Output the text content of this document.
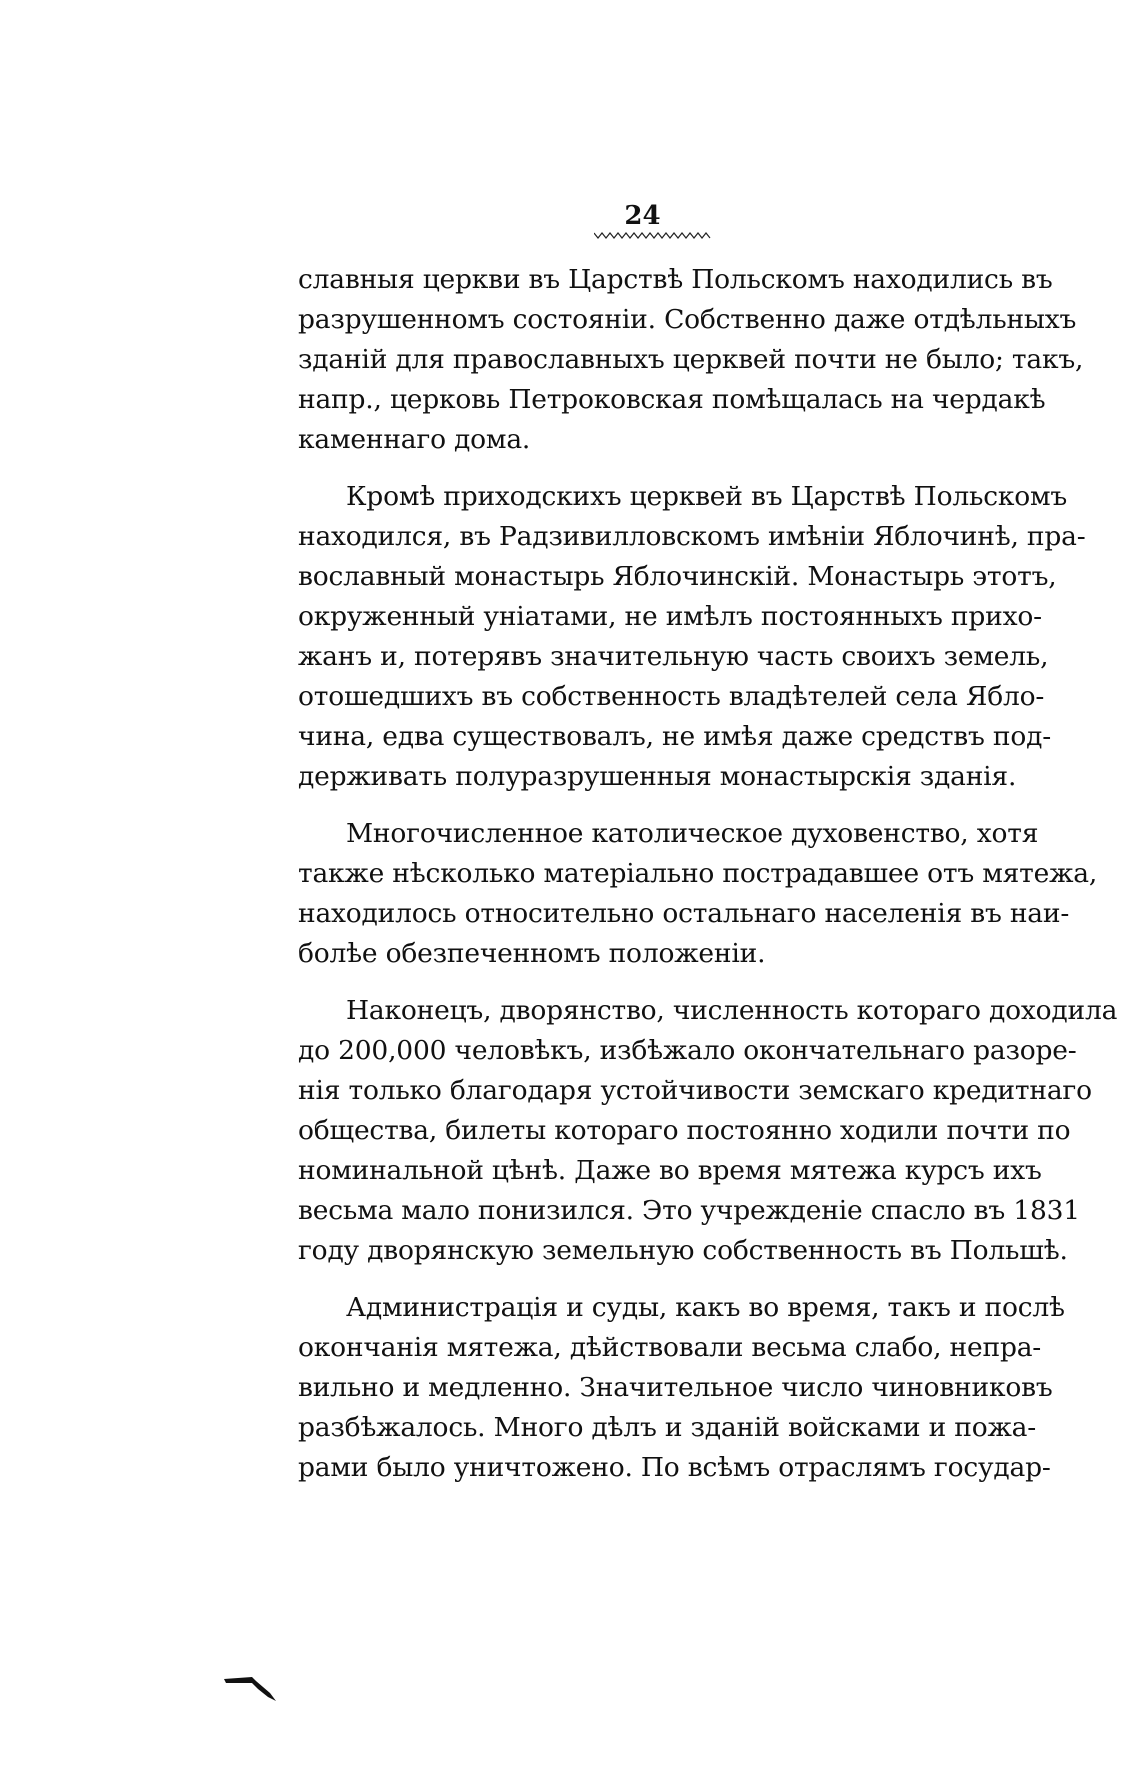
24
славныя церкви въ Царствѣ Польскомъ находились въ
разрушенномъ состоянiи. Собственно даже отдѣльныхъ
зданiй для православныхъ церквей почти не было; такъ,
напр., церковь Петроковская помѣщалась на чердакѣ
каменнаго дома.
Кромѣ приходскихъ церквей въ Царствѣ Польскомъ
находился, въ Радзивилловскомъ имѣнiи Яблочинѣ, пра-
вославный монастырь Яблочинскiй. Монастырь этотъ,
окруженный унiатами, не имѣлъ постоянныхъ прихо-
жанъ и, потерявъ значительную часть своихъ земель,
отошедшихъ въ собственность владѣтелей села Ябло-
чина, едва существовалъ, не имѣя даже средствъ под-
держивать полуразрушенныя монастырскiя зданiя.
Многочисленное католическое духовенство, хотя
также нѣсколько матерiально пострадавшее отъ мятежа,
находилось относительно остальнаго населенiя въ наи-
болѣе обезпеченномъ положенiи.
Наконецъ, дворянство, численность котораго доходила
до 200,000 человѣкъ, избѣжало окончательнаго разоре-
нiя только благодаря устойчивости земскаго кредитнаго
общества, билеты котораго постоянно ходили почти по
номинальной цѣнѣ. Даже во время мятежа курсъ ихъ
весьма мало понизился. Это учрежденiе спасло въ 1831
году дворянскую земельную собственность въ Польшѣ.
Администрацiя и суды, какъ во время, такъ и послѣ
окончанiя мятежа, дѣйствовали весьма слабо, непра-
вильно и медленно. Значительное число чиновниковъ
разбѣжалось. Много дѣлъ и зданiй войсками и пожа-
рами было уничтожено. По всѣмъ отраслямъ государ-
